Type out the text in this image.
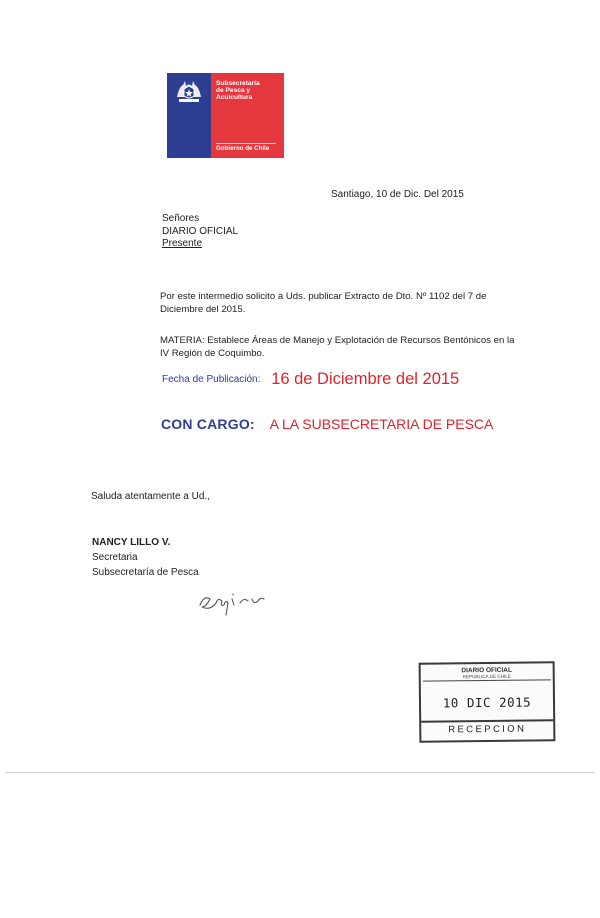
Subsecretaría
de Pesca y
Acuicultura
Gobierno de Chile
Santiago, 10 de Dic. Del 2015
Señores
DIARIO OFICIAL
Presente
Por este intermedio solicito a Uds. publicar Extracto de Dto. Nº 1102 del 7 de Diciembre del 2015.
MATERIA: Establece Áreas de Manejo y Explotación de Recursos Bentónicos en la IV Región de Coquimbo.
Fecha de Publicación: 16 de Diciembre del 2015
CON CARGO: A LA SUBSECRETARIA DE PESCA
Saluda atentamente a Ud.,
NANCY LILLO V.
Secretaria
Subsecretaría de Pesca
DIARIO OFICIAL
REPUBLICA DE CHILE
10 DIC 2015
RECEPCION
